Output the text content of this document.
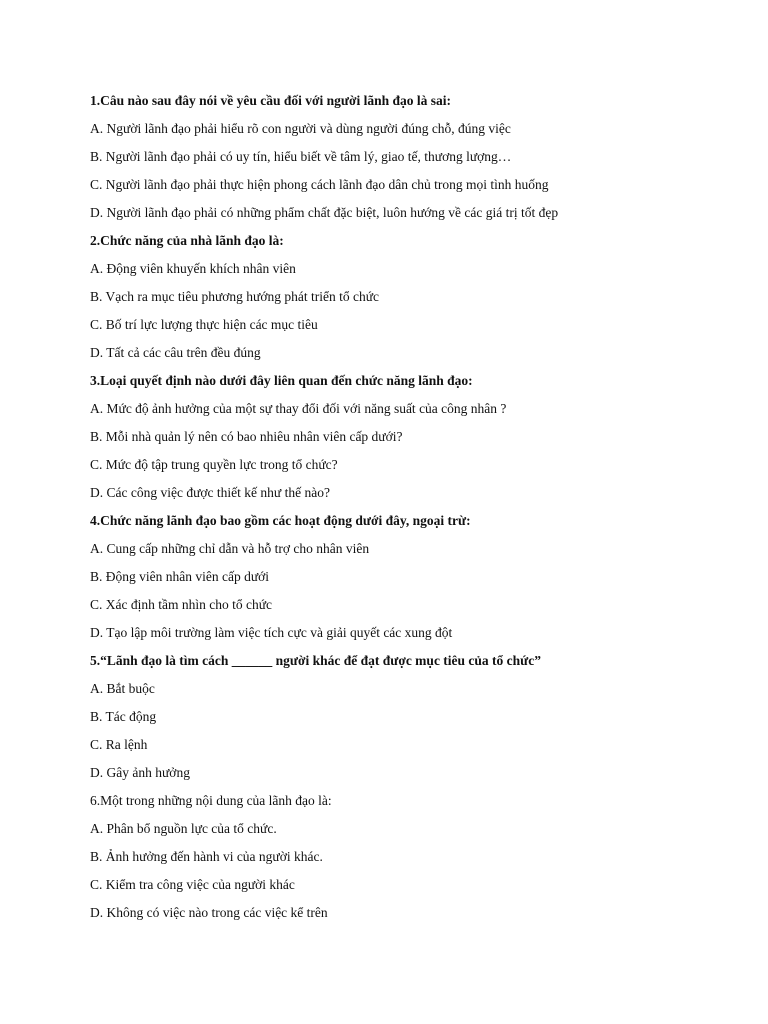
1.Câu nào sau đây nói về yêu cầu đối với người lãnh đạo là sai:
A. Người lãnh đạo phải hiểu rõ con người và dùng người đúng chỗ, đúng việc
B. Người lãnh đạo phải có uy tín, hiểu biết về tâm lý, giao tế, thương lượng…
C. Người lãnh đạo phải thực hiện phong cách lãnh đạo dân chủ trong mọi tình huống
D. Người lãnh đạo phải có những phẩm chất đặc biệt, luôn hướng về các giá trị tốt đẹp
2.Chức năng của nhà lãnh đạo là:
A. Động viên khuyến khích nhân viên
B. Vạch ra mục tiêu phương hướng phát triển tổ chức
C. Bố trí lực lượng thực hiện các mục tiêu
D. Tất cả các câu trên đều đúng
3.Loại quyết định nào dưới đây liên quan đến chức năng lãnh đạo:
A. Mức độ ảnh hưởng của một sự thay đổi đối với năng suất của công nhân ?
B. Mỗi nhà quản lý nên có bao nhiêu nhân viên cấp dưới?
C. Mức độ tập trung quyền lực trong tổ chức?
D. Các công việc được thiết kế như thế nào?
4.Chức năng lãnh đạo bao gồm các hoạt động dưới đây, ngoại trừ:
A. Cung cấp những chỉ dẫn và hỗ trợ cho nhân viên
B. Động viên nhân viên cấp dưới
C. Xác định tầm nhìn cho tổ chức
D. Tạo lập môi trường làm việc tích cực và giải quyết các xung đột
5.“Lãnh đạo là tìm cách ______ người khác để đạt được mục tiêu của tổ chức”
A. Bắt buộc
B. Tác động
C. Ra lệnh
D. Gây ảnh hưởng
6.Một trong những nội dung của lãnh đạo là:
A. Phân bổ nguồn lực của tổ chức.
B. Ảnh hưởng đến hành vi của người khác.
C. Kiểm tra công việc của người khác
D. Không có việc nào trong các việc kể trên
